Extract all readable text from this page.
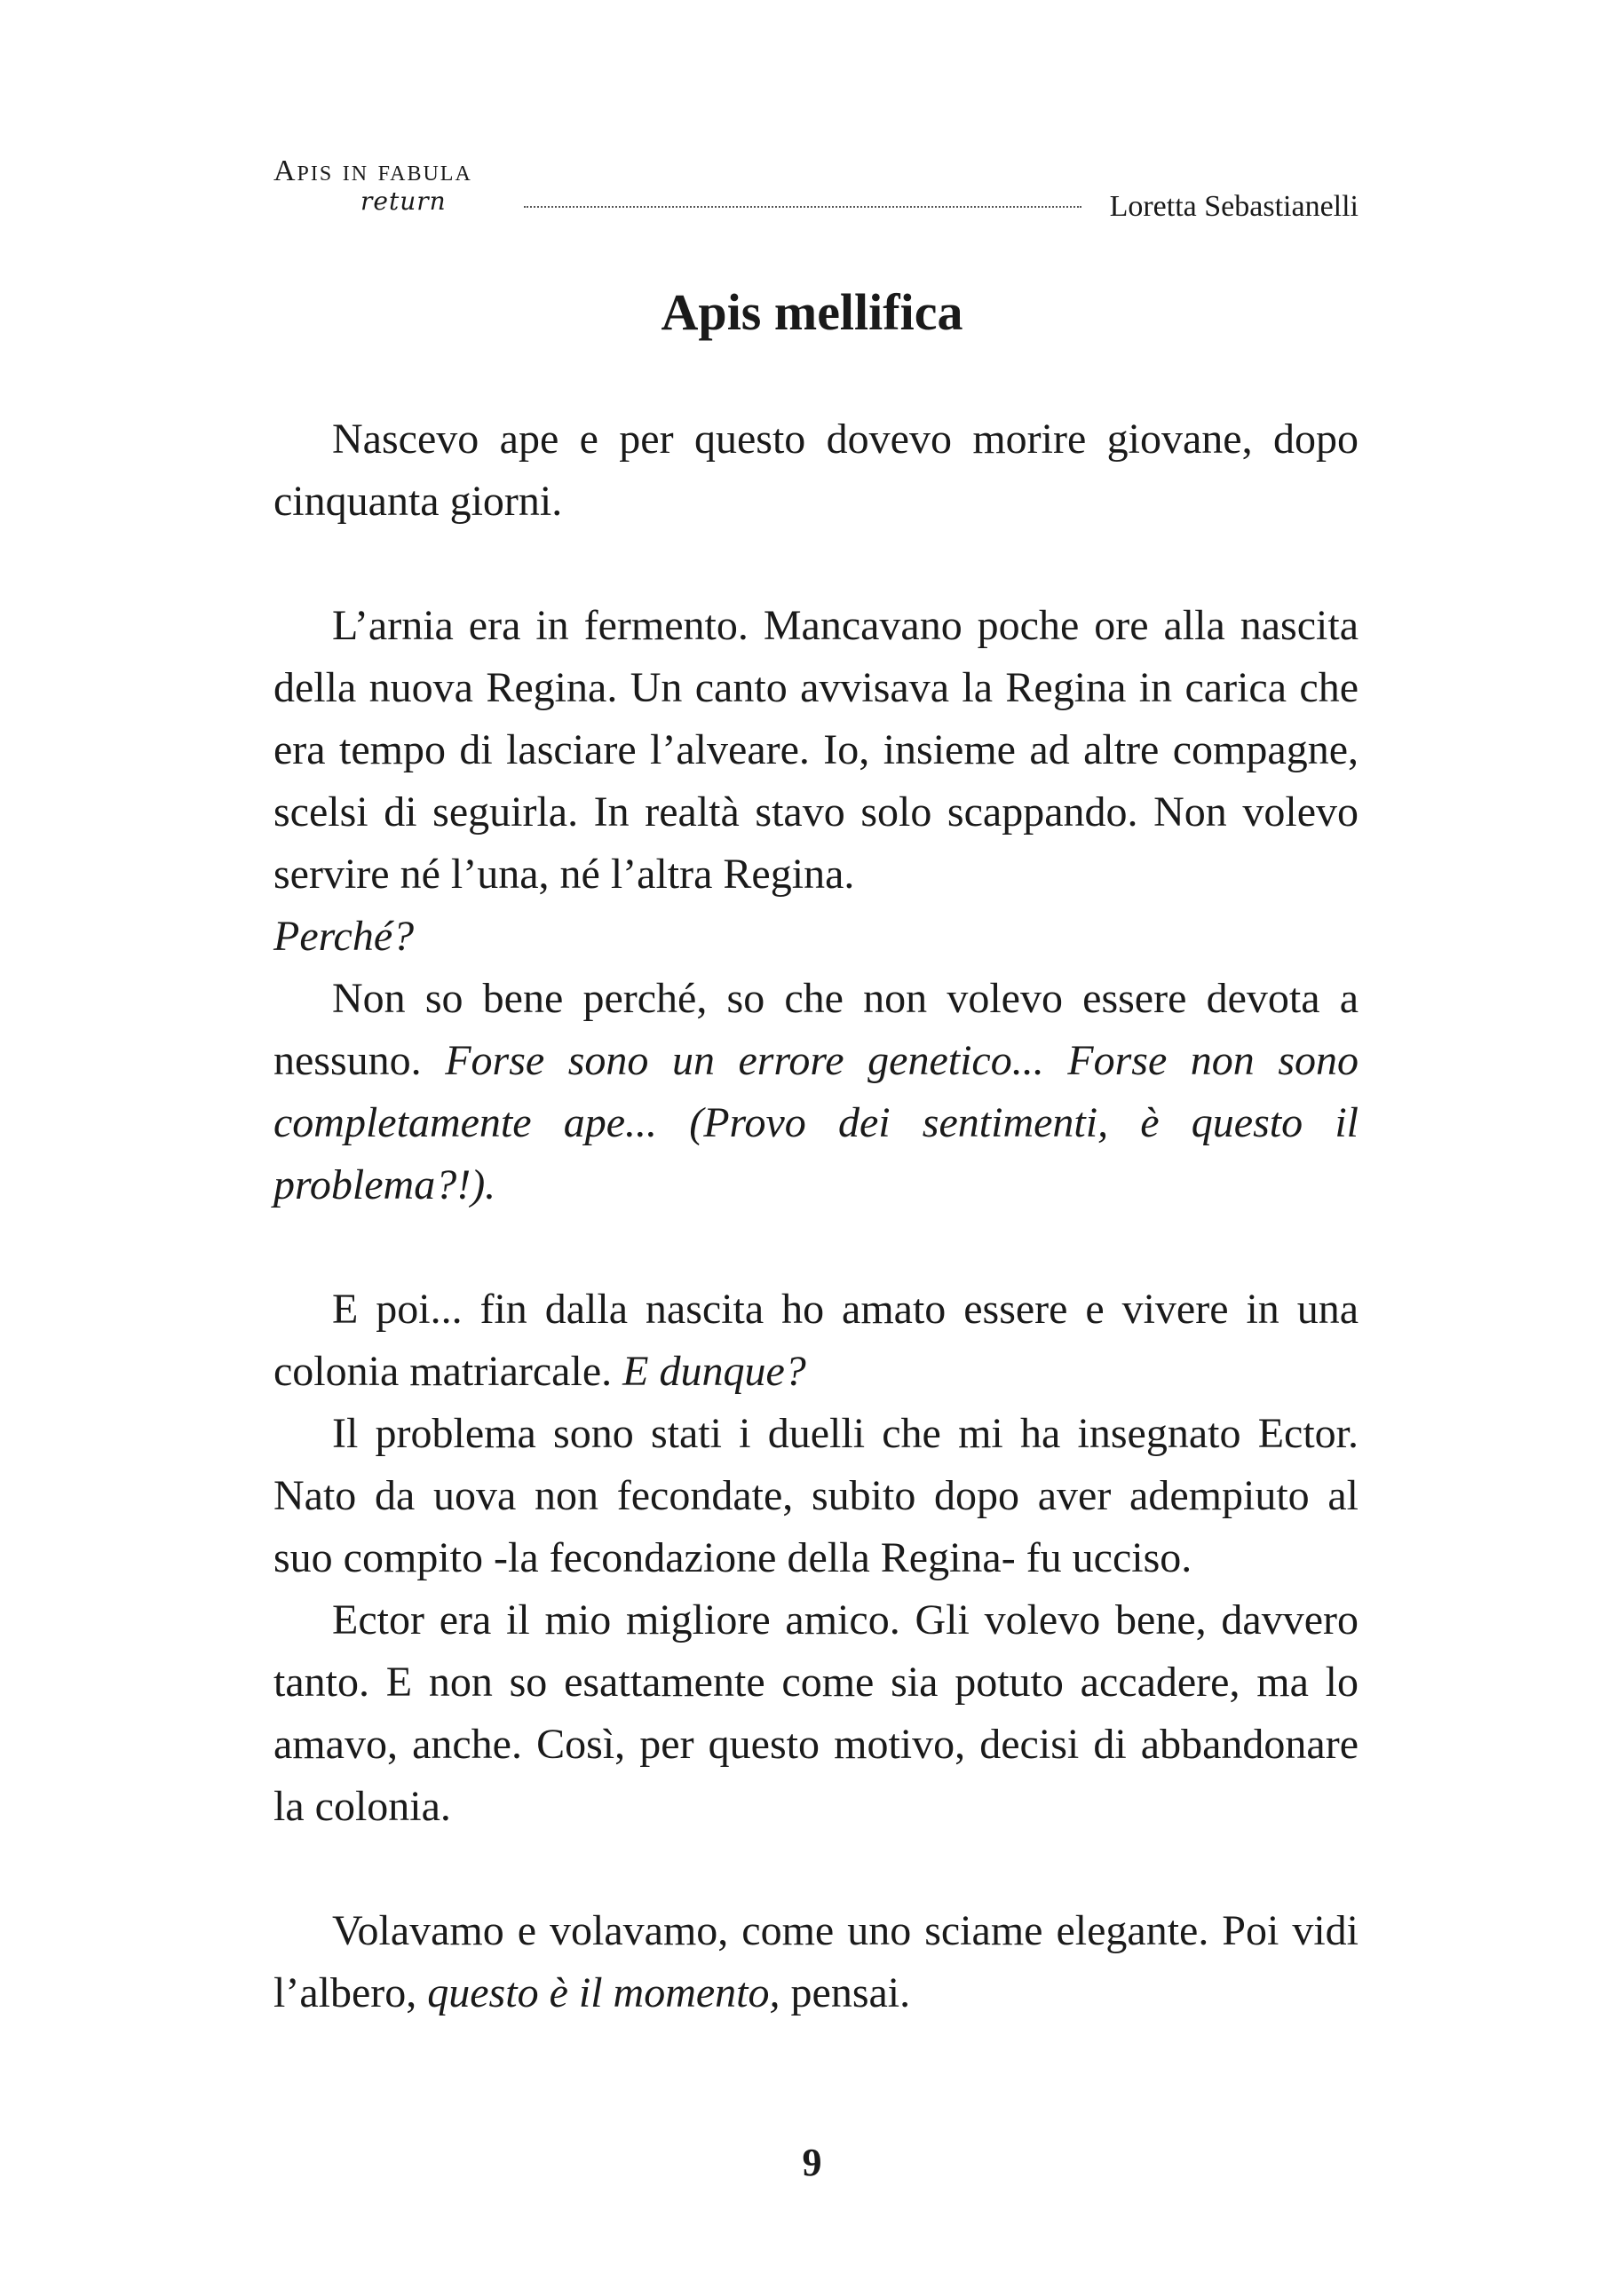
Apis in fabula
return	Loretta Sebastianelli
Apis mellifica

Nascevo ape e per questo dovevo morire giovane, dopo cinquanta giorni.

L’arnia era in fermento. Mancavano poche ore alla nascita della nuova Regina. Un canto avvisava la Regina in carica che era tempo di lasciare l’alveare. Io, insieme ad altre compagne, scelsi di seguirla. In realtà stavo solo scappando. Non volevo servire né l’una, né l’altra Regina.

Perché?

Non so bene perché, so che non volevo essere devota a nessuno. Forse sono un errore genetico... Forse non sono completamente ape... (Provo dei sentimenti, è questo il problema?!).

E poi... fin dalla nascita ho amato essere e vivere in una colonia matriarcale. E dunque?

Il problema sono stati i duelli che mi ha insegnato Ector. Nato da uova non fecondate, subito dopo aver adempiuto al suo compito -la fecondazione della Regina- fu ucciso.

Ector era il mio migliore amico. Gli volevo bene, davvero tanto. E non so esattamente come sia potuto accadere, ma lo amavo, anche. Così, per questo motivo, decisi di abbandonare la colonia.

Volavamo e volavamo, come uno sciame elegante. Poi vidi l’albero, questo è il momento, pensai.

9
